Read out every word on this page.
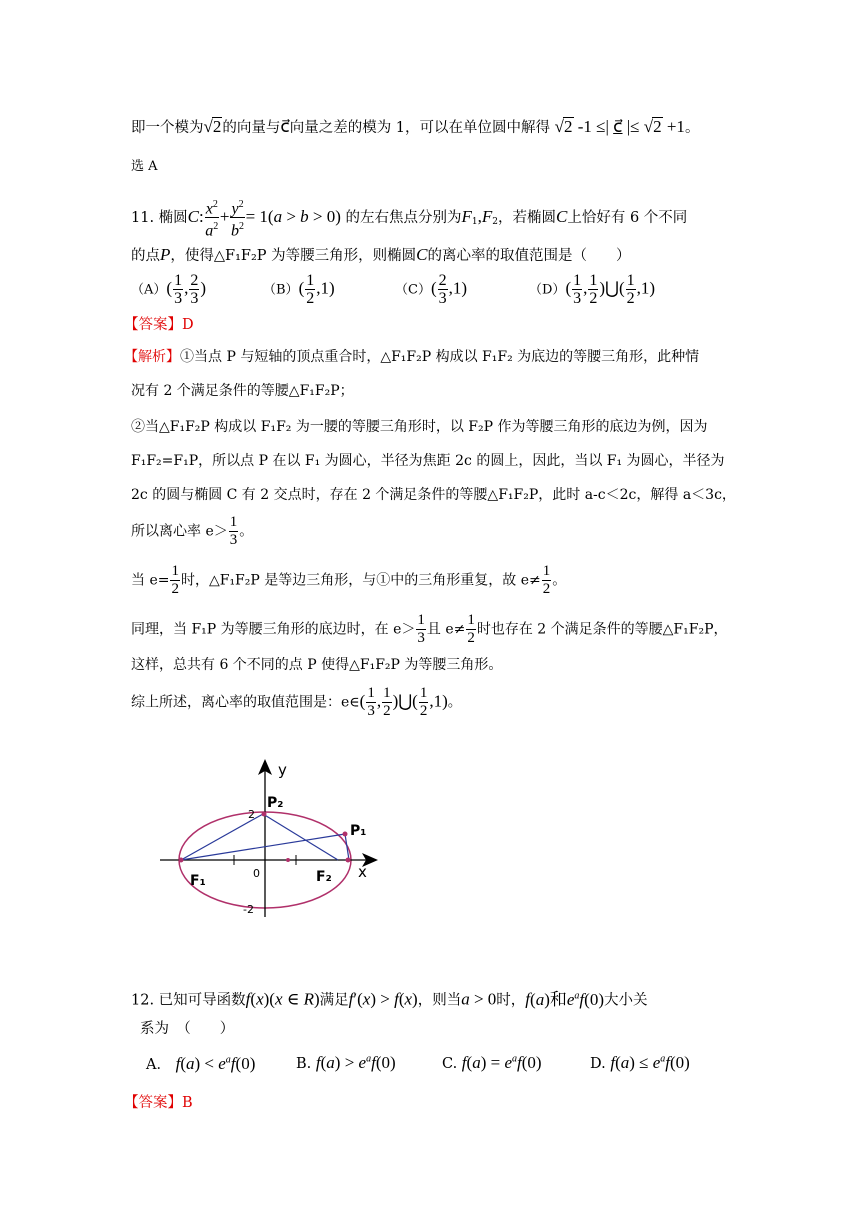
即一个模为√2的向量与c⃗向量之差的模为 1，可以在单位圆中解得 √2 -1 ≤| c⃗ |≤ √2 +1。
选 A
11. 椭圆C: $\frac{x^2}{a^2} + \frac{y^2}{b^2} = 1(a > b > 0)$ 的左右焦点分别为$F_1,F_2$，若椭圆C上恰好有 6 个不同
的点P，使得△F₁F₂P 为等腰三角形，则椭圆C的离心率的取值范围是（　　）
$(A)( \frac{1}{3}$ , $\frac{2}{3}$ )	$(B)( \frac{1}{2} ,1)$	$(C)( \frac{2}{3} ,1)$	$(D)( \frac{1}{3}$ , $\frac{1}{2}$ )⋃( $\frac{1}{2} ,1$)
【答案】D
【解析】①当点 P 与短轴的顶点重合时，△F₁F₂P 构成以 F₁F₂ 为底边的等腰三角形，此种情
况有 2 个满足条件的等腰△F₁F₂P；
②当△F₁F₂P 构成以 F₁F₂ 为一腰的等腰三角形时，以 F₂P 作为等腰三角形的底边为例，因为
F₁F₂=F₁P，所以点 P 在以 F₁ 为圆心，半径为焦距 2c 的圆上，因此，当以 F₁ 为圆心，半径为
2c 的圆与椭圆 C 有 2 交点时，存在 2 个满足条件的等腰△F₁F₂P，此时 a-c＜2c，解得 a＜3c，
所以离心率 $e> \frac{1}{3}$ 。
当 $e= \frac{1}{2}$ 时，△F₁F₂P 是等边三角形，与①中的三角形重复，故 $e\ne \frac{1}{2}$ 。
同理，当 F₁P 为等腰三角形的底边时，在 $e> \frac{1}{3}$ 且 $e\ne \frac{1}{2}$ 时也存在 2 个满足条件的等腰△F₁F₂P，
这样，总共有 6 个不同的点 P 使得△F₁F₂P 为等腰三角形。
综上所述，离心率的取值范围是：e∈( $\frac{1}{3}$ , $\frac{1}{2}$ )⋃( $\frac{1}{2} ,1$)。
y
x
P₂
P₁
F₁	F₂
0
2
-2
12. 已知可导函数f(x)(x ∈ R)满足f′(x) > f(x)，则当a > 0时，f(a)和$e^af(0)$大小关
系为　（　　）
A． $f(a) < e^af(0)$	B. $f(a) > e^af(0)$	C. $f(a) = e^af(0)$	D. $f(a) \le e^af(0)$
【答案】B
